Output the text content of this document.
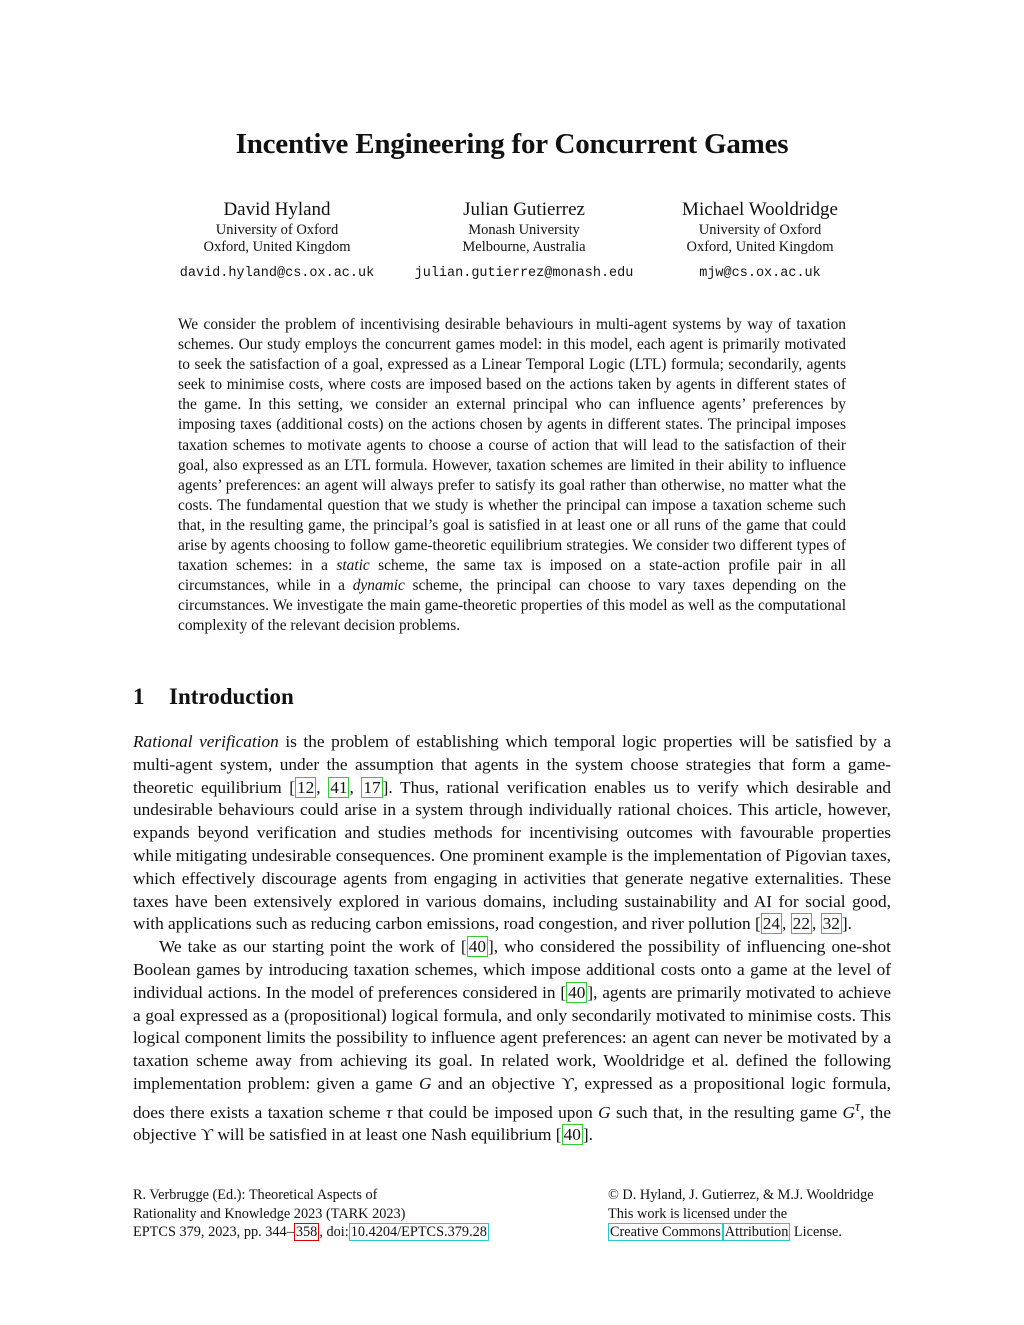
Incentive Engineering for Concurrent Games
David Hyland
University of Oxford
Oxford, United Kingdom
david.hyland@cs.ox.ac.uk
Julian Gutierrez
Monash University
Melbourne, Australia
julian.gutierrez@monash.edu
Michael Wooldridge
University of Oxford
Oxford, United Kingdom
mjw@cs.ox.ac.uk
We consider the problem of incentivising desirable behaviours in multi-agent systems by way of taxation schemes. Our study employs the concurrent games model: in this model, each agent is primarily motivated to seek the satisfaction of a goal, expressed as a Linear Temporal Logic (LTL) formula; secondarily, agents seek to minimise costs, where costs are imposed based on the actions taken by agents in different states of the game. In this setting, we consider an external principal who can influence agents’ preferences by imposing taxes (additional costs) on the actions chosen by agents in different states. The principal imposes taxation schemes to motivate agents to choose a course of action that will lead to the satisfaction of their goal, also expressed as an LTL formula. However, taxation schemes are limited in their ability to influence agents’ preferences: an agent will always prefer to satisfy its goal rather than otherwise, no matter what the costs. The fundamental question that we study is whether the principal can impose a taxation scheme such that, in the resulting game, the principal’s goal is satisfied in at least one or all runs of the game that could arise by agents choosing to follow game-theoretic equilibrium strategies. We consider two different types of taxation schemes: in a static scheme, the same tax is imposed on a state-action profile pair in all circumstances, while in a dynamic scheme, the principal can choose to vary taxes depending on the circumstances. We investigate the main game-theoretic properties of this model as well as the computational complexity of the relevant decision problems.
1 Introduction

Rational verification is the problem of establishing which temporal logic properties will be satisfied by a multi-agent system, under the assumption that agents in the system choose strategies that form a game-theoretic equilibrium [ 12 , 41 , 17 ]. Thus, rational verification enables us to verify which desirable and undesirable behaviours could arise in a system through individually rational choices. This article, however, expands beyond verification and studies methods for incentivising outcomes with favourable properties while mitigating undesirable consequences. One prominent example is the implementation of Pigovian taxes, which effectively discourage agents from engaging in activities that generate negative externalities. These taxes have been extensively explored in various domains, including sustainability and AI for social good, with applications such as reducing carbon emissions, road congestion, and river pollution [ 24 , 22 , 32 ].

We take as our starting point the work of [ 40 ], who considered the possibility of influencing one-shot Boolean games by introducing taxation schemes, which impose additional costs onto a game at the level of individual actions. In the model of preferences considered in [ 40 ], agents are primarily motivated to achieve a goal expressed as a (propositional) logical formula, and only secondarily motivated to minimise costs. This logical component limits the possibility to influence agent preferences: an agent can never be motivated by a taxation scheme away from achieving its goal. In related work, Wooldridge et al. defined the following implementation problem: given a game G and an objective ϒ, expressed as a propositional logic formula, does there exists a taxation scheme τ that could be imposed upon G such that, in the resulting game $G^\tau$, the objective ϒ will be satisfied in at least one Nash equilibrium [ 40 ].

R. Verbrugge (Ed.): Theoretical Aspects of
Rationality and Knowledge 2023 (TARK 2023)
EPTCS 379, 2023, pp. 344– 358 , doi: 10.4204/EPTCS.379.28
© D. Hyland, J. Gutierrez, & M.J. Wooldridge
This work is licensed under the
Creative Commons Attribution License.
